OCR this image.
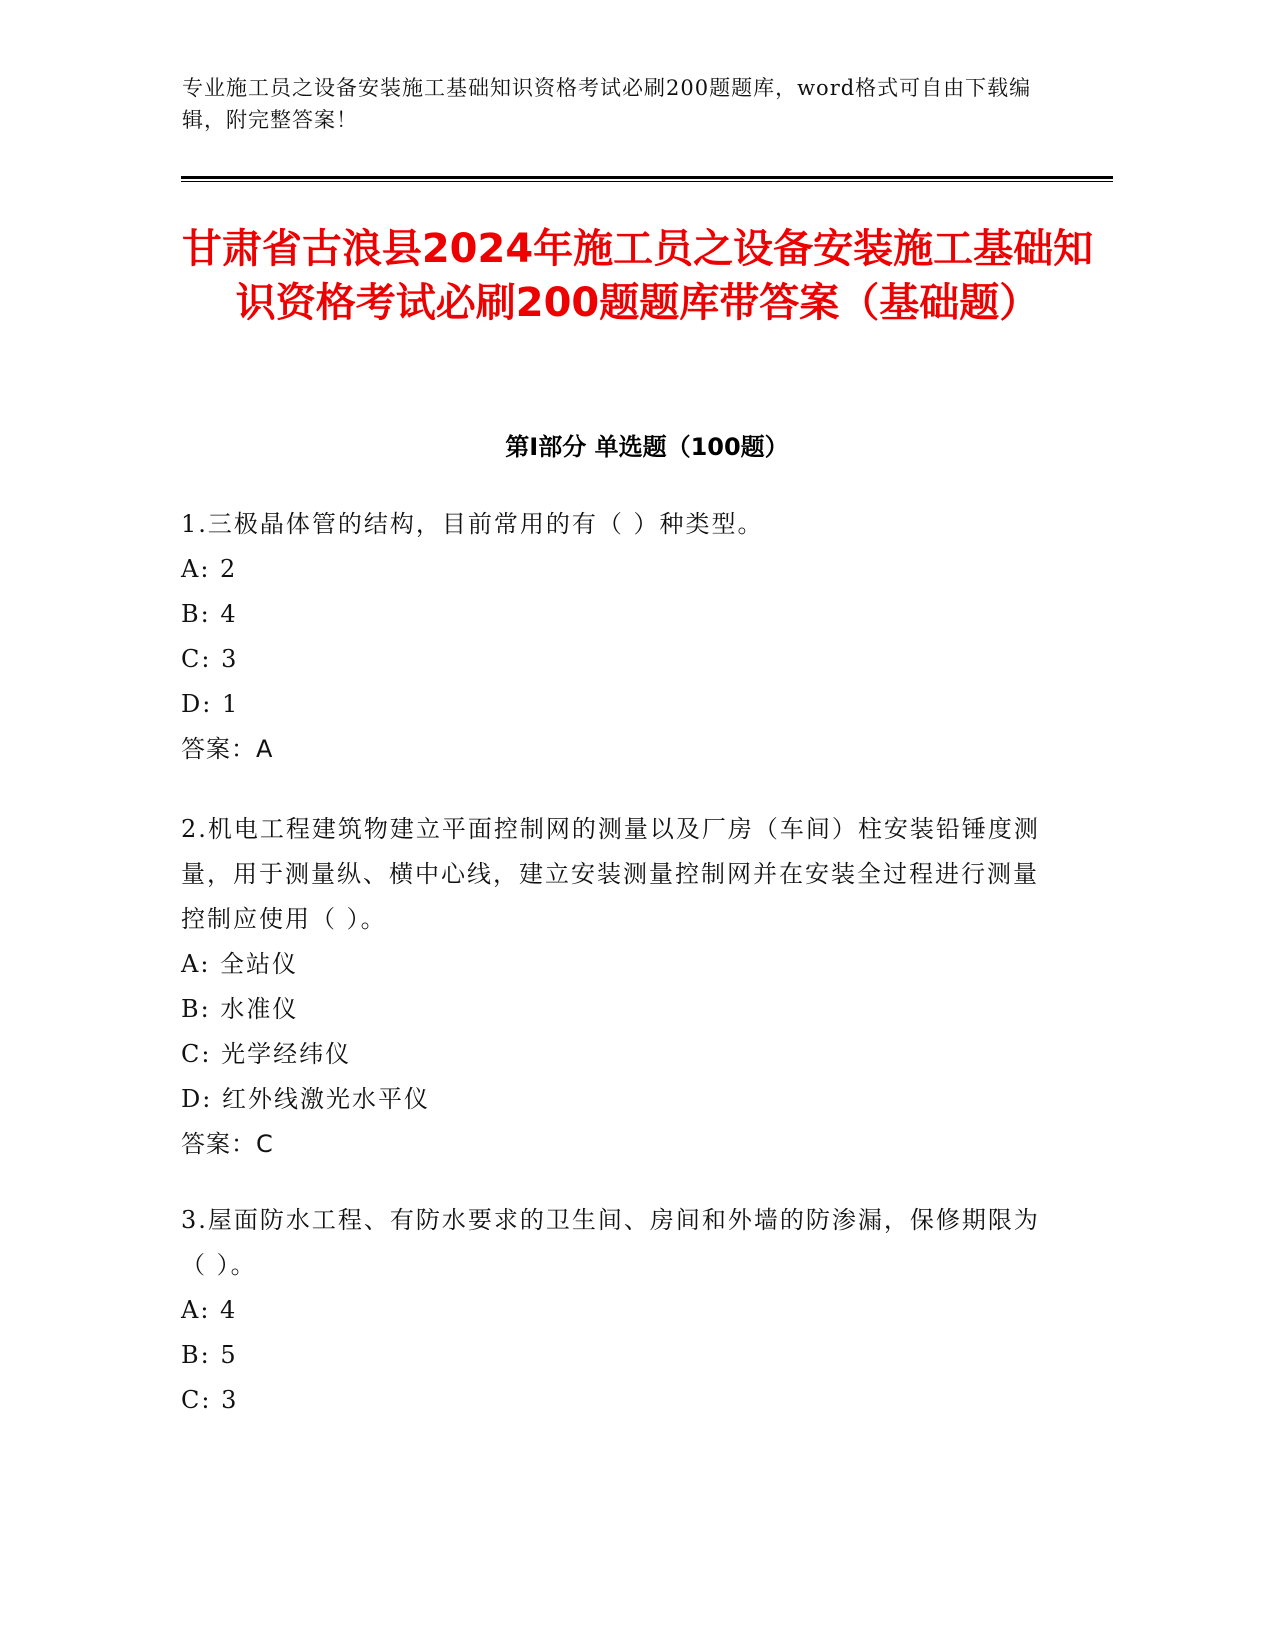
专业施工员之设备安装施工基础知识资格考试必刷200题题库，word格式可自由下载编辑，附完整答案！
甘肃省古浪县2024年施工员之设备安装施工基础知识资格考试必刷200题题库带答案（基础题）
第I部分 单选题（100题）

1.三极晶体管的结构，目前常用的有（ ）种类型。

A: 2

B: 4

C: 3

D: 1

答案：A

2.机电工程建筑物建立平面控制网的测量以及厂房（车间）柱安装铅锤度测量，用于测量纵、横中心线，建立安装测量控制网并在安装全过程进行测量控制应使用（ ）。

A: 全站仪

B: 水准仪

C: 光学经纬仪

D: 红外线激光水平仪

答案：C

3.屋面防水工程、有防水要求的卫生间、房间和外墙的防渗漏，保修期限为（ ）。

A: 4

B: 5

C: 3
